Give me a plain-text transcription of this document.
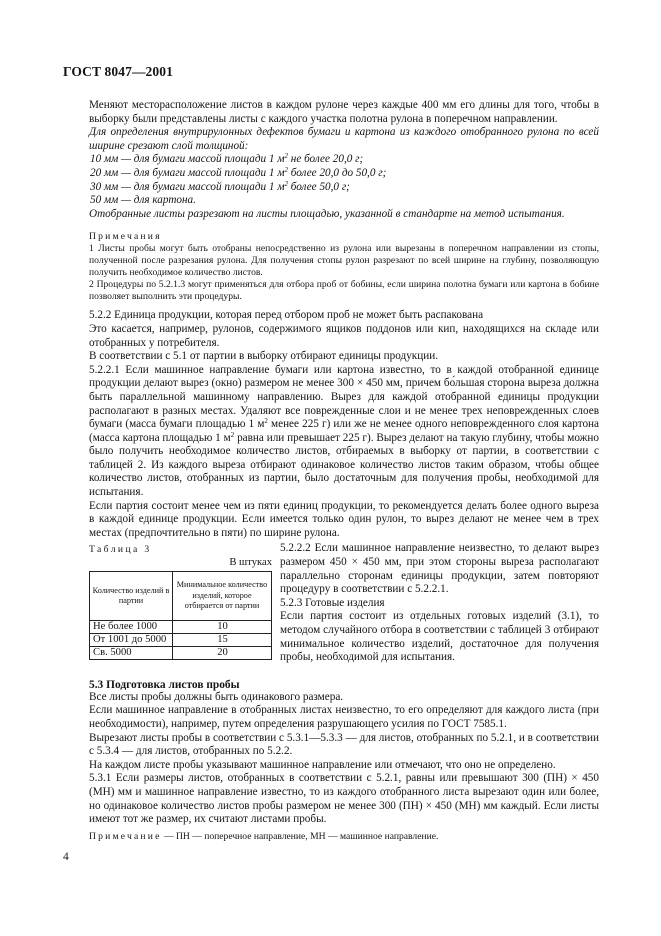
ГОСТ 8047—2001

Меняют месторасположение листов в каждом рулоне через каждые 400 мм его длины для того, чтобы в выборку были представлены листы с каждого участка полотна рулона в поперечном направлении.

Для определения внутрирулонных дефектов бумаги и картона из каждого отобранного рулона по всей ширине срезают слой толщиной:

10 мм — для бумаги массой площади 1 $м^2$ не более 20,0 г;

20 мм — для бумаги массой площади 1 $м^2$ более 20,0 до 50,0 г;

30 мм — для бумаги массой площади 1 $м^2$ более 50,0 г;

50 мм — для картона.

Отобранные листы разрезают на листы площадью, указанной в стандарте на метод испытания.

Примечания

1 Листы пробы могут быть отобраны непосредственно из рулона или вырезаны в поперечном направлении из стопы, полученной после разрезания рулона. Для получения стопы рулон разрезают по всей ширине на глубину, позволяющую получить необходимое количество листов.

2 Процедуры по 5.2.1.3 могут применяться для отбора проб от бобины, если ширина полотна бумаги или картона в бобине позволяет выполнить эти процедуры.

5.2.2 Единица продукции, которая перед отбором проб не может быть распакована

Это касается, например, рулонов, содержимого ящиков поддонов или кип, находящихся на складе или отобранных у потребителя.

В соответствии с 5.1 от партии в выборку отбирают единицы продукции.

5.2.2.1 Если машинное направление бумаги или картона известно, то в каждой отобранной единице продукции делают вырез (окно) размером не менее 300 × 450 мм, причем бо́льшая сторона выреза должна быть параллельной машинному направлению. Вырез для каждой отобранной единицы продукции располагают в разных местах. Удаляют все поврежденные слои и не менее трех неповрежденных слоев бумаги (масса бумаги площадью 1 $м^2$ менее 225 г) или же не менее одного неповрежденного слоя картона (масса картона площадью 1 $м^2$ равна или превышает 225 г). Вырез делают на такую глубину, чтобы можно было получить необходимое количество листов, отбираемых в выборку от партии, в соответствии с таблицей 2. Из каждого выреза отбирают одинаковое количество листов таким образом, чтобы общее количество листов, отобранных из партии, было достаточным для получения пробы, необходимой для испытания.

Если партия состоит менее чем из пяти единиц продукции, то рекомендуется делать более одного выреза в каждой единице продукции. Если имеется только один рулон, то вырез делают не менее чем в трех местах (предпочтительно в пяти) по ширине рулона.

Таблица 3

В штуках

Количество изделий в партии	Минимальное количество изделий, которое отбирается от партии
Не более 1000	10
От 1001 до 5000	15
Св. 5000	20

5.2.2.2 Если машинное направление неизвестно, то делают вырез размером 450 × 450 мм, при этом стороны выреза располагают параллельно сторонам единицы продукции, затем повторяют процедуру в соответствии с 5.2.2.1.

5.2.3 Готовые изделия

Если партия состоит из отдельных готовых изделий (3.1), то методом случайного отбора в соответствии с таблицей 3 отбирают минимальное количество изделий, достаточное для получения пробы, необходимой для испытания.

5.3 Подготовка листов пробы

Все листы пробы должны быть одинакового размера.

Если машинное направление в отобранных листах неизвестно, то его определяют для каждого листа (при необходимости), например, путем определения разрушающего усилия по ГОСТ 7585.1.

Вырезают листы пробы в соответствии с 5.3.1—5.3.3 — для листов, отобранных по 5.2.1, и в соответствии с 5.3.4 — для листов, отобранных по 5.2.2.

На каждом листе пробы указывают машинное направление или отмечают, что оно не определено.

5.3.1 Если размеры листов, отобранных в соответствии с 5.2.1, равны или превышают 300 (ПН) × 450 (МН) мм и машинное направление известно, то из каждого отобранного листа вырезают один или более, но одинаковое количество листов пробы размером не менее 300 (ПН) × 450 (МН) мм каждый. Если листы имеют тот же размер, их считают листами пробы.

Примечание — ПН — поперечное направление, МН — машинное направление.

4
